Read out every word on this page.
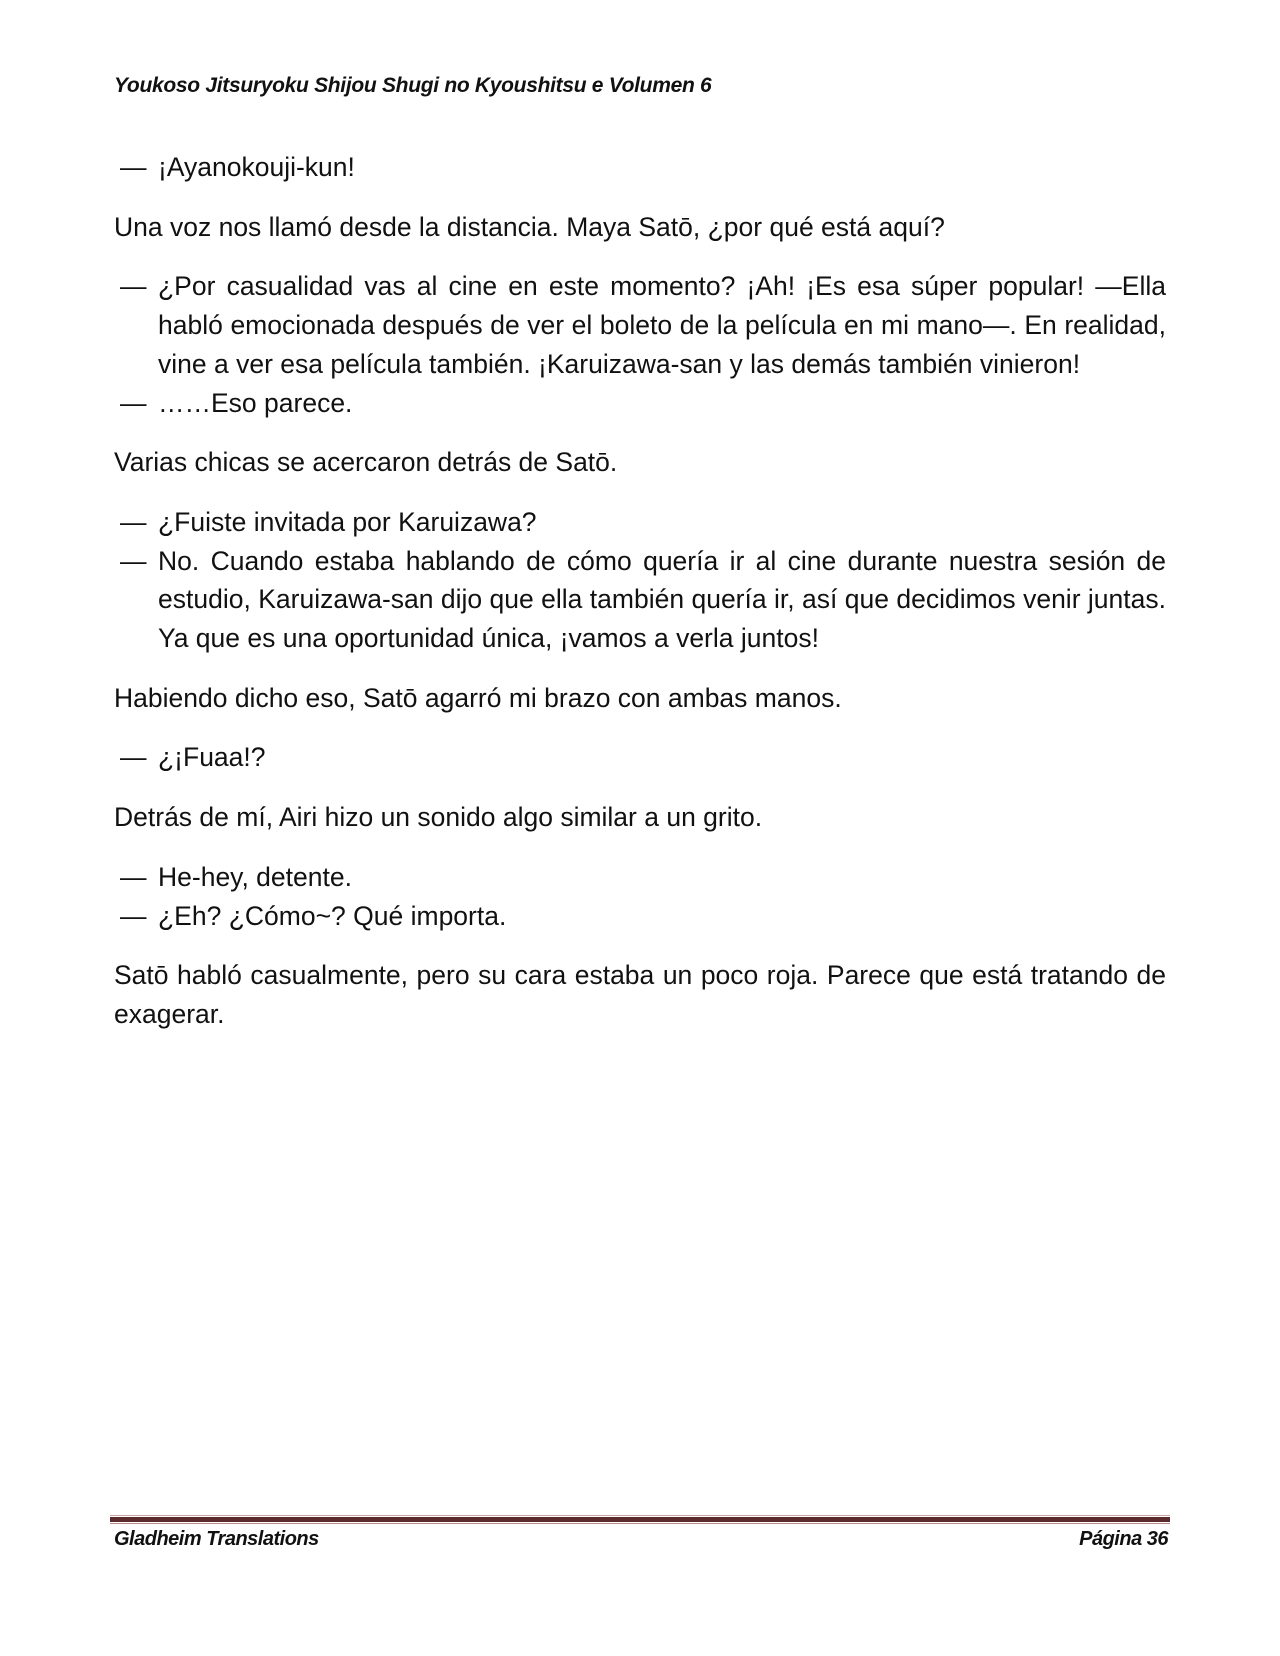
Youkoso Jitsuryoku Shijou Shugi no Kyoushitsu e Volumen 6
— ¡Ayanokouji-kun!

Una voz nos llamó desde la distancia. Maya Satō, ¿por qué está aquí?

— ¿Por casualidad vas al cine en este momento? ¡Ah! ¡Es esa súper popular! —Ella habló emocionada después de ver el boleto de la película en mi mano—. En realidad, vine a ver esa película también. ¡Karuizawa-san y las demás también vinieron!
— ……Eso parece.

Varias chicas se acercaron detrás de Satō.

— ¿Fuiste invitada por Karuizawa?
— No. Cuando estaba hablando de cómo quería ir al cine durante nuestra sesión de estudio, Karuizawa-san dijo que ella también quería ir, así que decidimos venir juntas. Ya que es una oportunidad única, ¡vamos a verla juntos!

Habiendo dicho eso, Satō agarró mi brazo con ambas manos.

— ¿¡Fuaa!?

Detrás de mí, Airi hizo un sonido algo similar a un grito.

— He-hey, detente.
— ¿Eh? ¿Cómo~? Qué importa.

Satō habló casualmente, pero su cara estaba un poco roja. Parece que está tratando de exagerar.

Gladheim Translations	Página 36
